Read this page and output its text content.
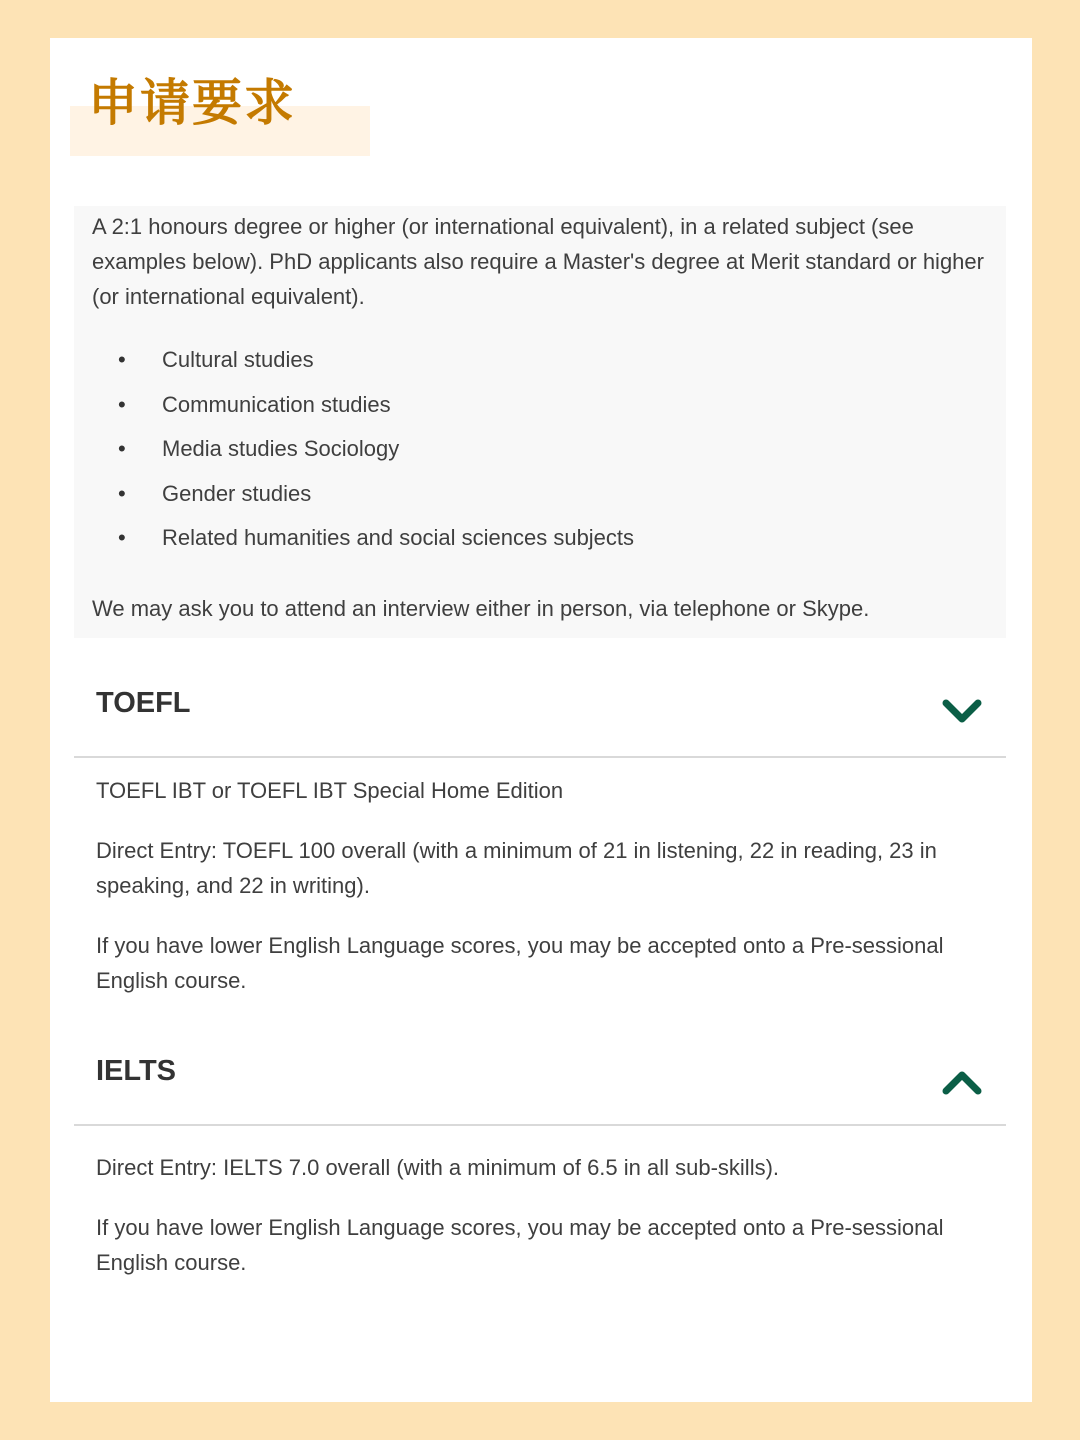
申请要求

A 2:1 honours degree or higher (or international equivalent), in a related subject (see examples below). PhD applicants also require a Master's degree at Merit standard or higher (or international equivalent).

• Cultural studies
• Communication studies
• Media studies Sociology
• Gender studies
• Related humanities and social sciences subjects

We may ask you to attend an interview either in person, via telephone or Skype.

TOEFL

TOEFL IBT or TOEFL IBT Special Home Edition

Direct Entry: TOEFL 100 overall (with a minimum of 21 in listening, 22 in reading, 23 in speaking, and 22 in writing).

If you have lower English Language scores, you may be accepted onto a Pre-sessional English course.

IELTS

Direct Entry: IELTS 7.0 overall (with a minimum of 6.5 in all sub-skills).

If you have lower English Language scores, you may be accepted onto a Pre-sessional English course.
